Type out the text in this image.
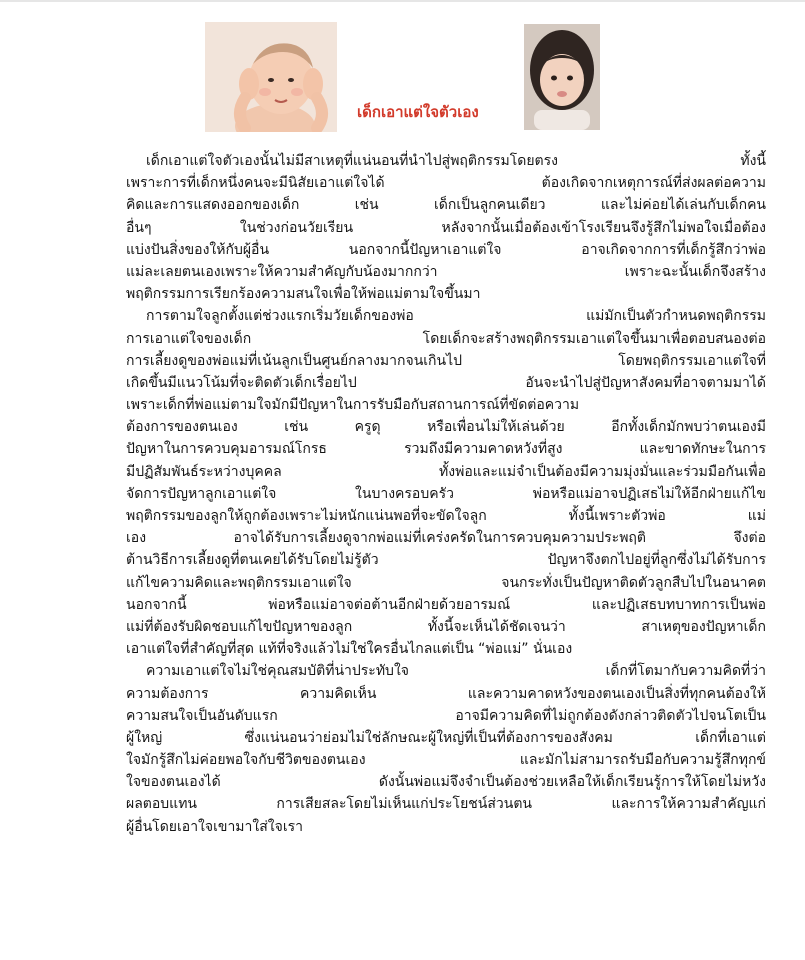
เด็กเอาแต่ใจตัวเอง
เด็กเอาแต่ใจตัวเองนั้นไม่มีสาเหตุที่แน่นอนที่นำไปสู่พฤติกรรมโดยตรง ทั้งนี้
เพราะการที่เด็กหนึ่งคนจะมีนิสัยเอาแต่ใจได้ ต้องเกิดจากเหตุการณ์ที่ส่งผลต่อความ
คิดและการแสดงออกของเด็ก เช่น เด็กเป็นลูกคนเดียว และไม่ค่อยได้เล่นกับเด็กคน
อื่นๆ ในช่วงก่อนวัยเรียน หลังจากนั้นเมื่อต้องเข้าโรงเรียนจึงรู้สึกไม่พอใจเมื่อต้อง
แบ่งปันสิ่งของให้กับผู้อื่น นอกจากนี้ปัญหาเอาแต่ใจ อาจเกิดจากการที่เด็กรู้สึกว่าพ่อ
แม่ละเลยตนเองเพราะให้ความสำคัญกับน้องมากกว่า เพราะฉะนั้นเด็กจึงสร้าง
พฤติกรรมการเรียกร้องความสนใจเพื่อให้พ่อแม่ตามใจขึ้นมา
การตามใจลูกตั้งแต่ช่วงแรกเริ่มวัยเด็กของพ่อ แม่มักเป็นตัวกำหนดพฤติกรรม
การเอาแต่ใจของเด็ก โดยเด็กจะสร้างพฤติกรรมเอาแต่ใจขึ้นมาเพื่อตอบสนองต่อ
การเลี้ยงดูของพ่อแม่ที่เน้นลูกเป็นศูนย์กลางมากจนเกินไป โดยพฤติกรรมเอาแต่ใจที่
เกิดขึ้นมีแนวโน้มที่จะติดตัวเด็กเรื่อยไป อันจะนำไปสู่ปัญหาสังคมที่อาจตามมาได้
เพราะเด็กที่พ่อแม่ตามใจมักมีปัญหาในการรับมือกับสถานการณ์ที่ขัดต่อความ
ต้องการของตนเอง เช่น ครูดุ หรือเพื่อนไม่ให้เล่นด้วย อีกทั้งเด็กมักพบว่าตนเองมี
ปัญหาในการควบคุมอารมณ์โกรธ รวมถึงมีความคาดหวังที่สูง และขาดทักษะในการ
มีปฏิสัมพันธ์ระหว่างบุคคล ทั้งพ่อและแม่จำเป็นต้องมีความมุ่งมั่นและร่วมมือกันเพื่อ
จัดการปัญหาลูกเอาแต่ใจ ในบางครอบครัว พ่อหรือแม่อาจปฏิเสธไม่ให้อีกฝ่ายแก้ไข
พฤติกรรมของลูกให้ถูกต้องเพราะไม่หนักแน่นพอที่จะขัดใจลูก ทั้งนี้เพราะตัวพ่อ แม่
เอง อาจได้รับการเลี้ยงดูจากพ่อแม่ที่เคร่งครัดในการควบคุมความประพฤติ จึงต่อ
ต้านวิธีการเลี้ยงดูที่ตนเคยได้รับโดยไม่รู้ตัว ปัญหาจึงตกไปอยู่ที่ลูกซึ่งไม่ได้รับการ
แก้ไขความคิดและพฤติกรรมเอาแต่ใจ จนกระทั่งเป็นปัญหาติดตัวลูกสืบไปในอนาคต
นอกจากนี้ พ่อหรือแม่อาจต่อต้านอีกฝ่ายด้วยอารมณ์ และปฏิเสธบทบาทการเป็นพ่อ
แม่ที่ต้องรับผิดชอบแก้ไขปัญหาของลูก ทั้งนี้จะเห็นได้ชัดเจนว่า สาเหตุของปัญหาเด็ก
เอาแต่ใจที่สำคัญที่สุด แท้ที่จริงแล้วไม่ใช่ใครอื่นไกลแต่เป็น “พ่อแม่” นั่นเอง
ความเอาแต่ใจไม่ใช่คุณสมบัติที่น่าประทับใจ เด็กที่โตมากับความคิดที่ว่า
ความต้องการ ความคิดเห็น และความคาดหวังของตนเองเป็นสิ่งที่ทุกคนต้องให้
ความสนใจเป็นอันดับแรก อาจมีความคิดที่ไม่ถูกต้องดังกล่าวติดตัวไปจนโตเป็น
ผู้ใหญ่ ซึ่งแน่นอนว่าย่อมไม่ใช่ลักษณะผู้ใหญ่ที่เป็นที่ต้องการของสังคม เด็กที่เอาแต่
ใจมักรู้สึกไม่ค่อยพอใจกับชีวิตของตนเอง และมักไม่สามารถรับมือกับความรู้สึกทุกข์
ใจของตนเองได้ ดังนั้นพ่อแม่จึงจำเป็นต้องช่วยเหลือให้เด็กเรียนรู้การให้โดยไม่หวัง
ผลตอบแทน การเสียสละโดยไม่เห็นแก่ประโยชน์ส่วนตน และการให้ความสำคัญแก่
ผู้อื่นโดยเอาใจเขามาใส่ใจเรา
